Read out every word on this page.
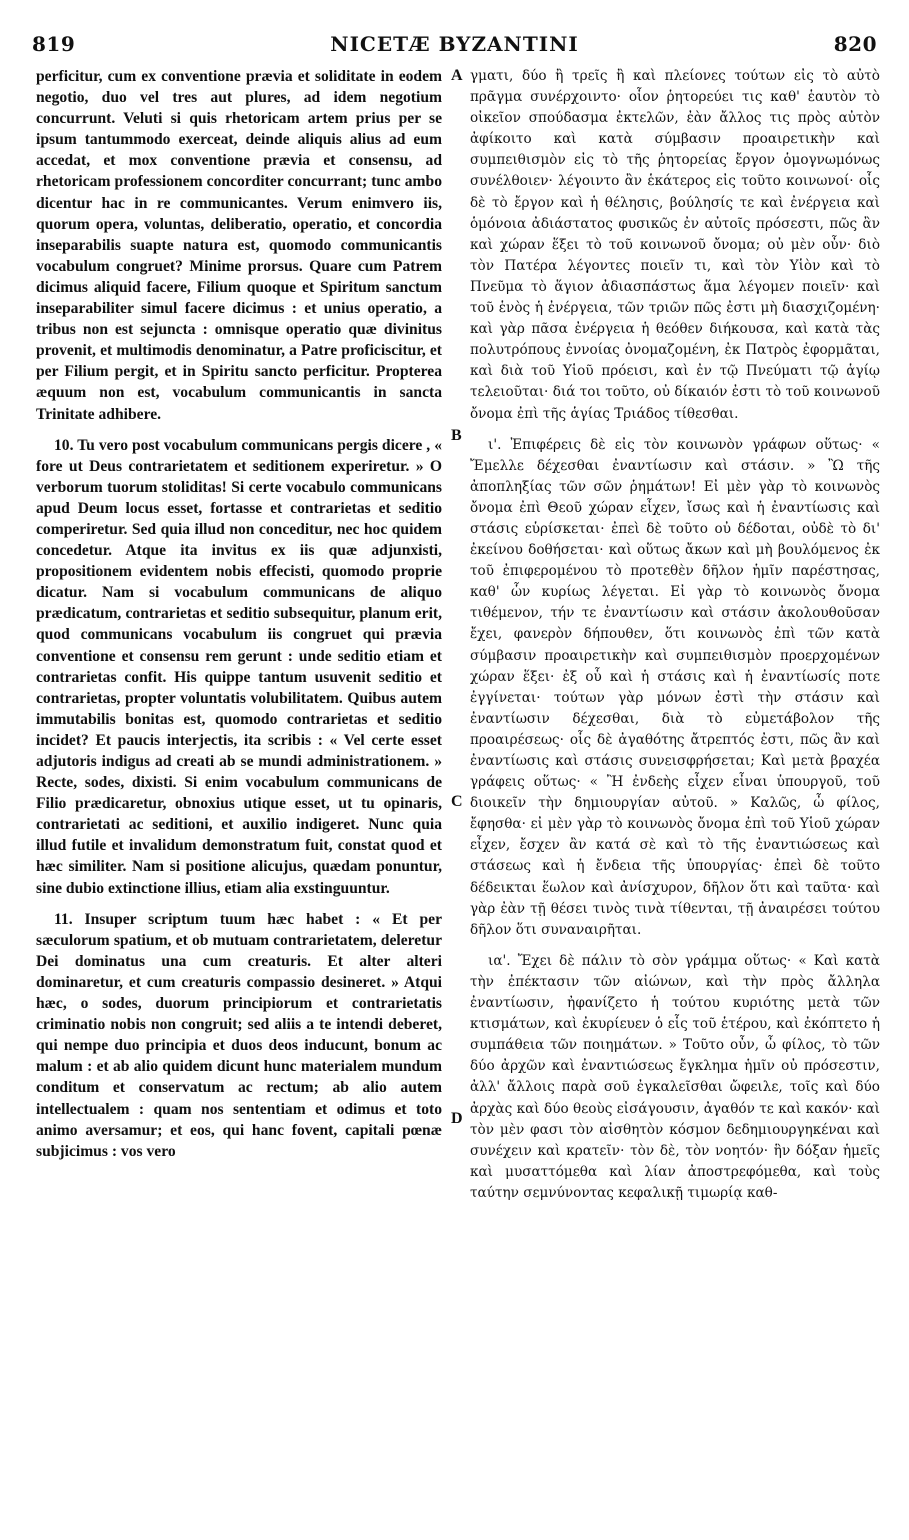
819	NICETÆ BYZANTINI	820

perficitur, cum ex conventione prævia et soliditate in eodem negotio, duo vel tres aut plures, ad idem negotium concurrunt. Veluti si quis rhetoricam artem prius per se ipsum tantummodo exerceat, deinde aliquis alius ad eum accedat, et mox conventione prævia et consensu, ad rhetoricam professionem concorditer concurrant; tunc ambo dicentur hac in re communicantes. Verum enimvero iis, quorum opera, voluntas, deliberatio, operatio, et concordia inseparabilis suapte natura est, quomodo communicantis vocabulum congruet? Minime prorsus. Quare cum Patrem dicimus aliquid facere, Filium quoque et Spiritum sanctum inseparabiliter simul facere dicimus : et unius operatio, a tribus non est sejuncta : omnisque operatio quæ divinitus provenit, et multimodis denominatur, a Patre proficiscitur, et per Filium pergit, et in Spiritu sancto perficitur. Propterea æquum non est, vocabulum communicantis in sancta Trinitate adhibere.

10. Tu vero post vocabulum communicans pergis dicere , « fore ut Deus contrarietatem et seditionem experiretur. » O verborum tuorum stoliditas! Si certe vocabulo communicans apud Deum locus esset, fortasse et contrarietas et seditio comperiretur. Sed quia illud non conceditur, nec hoc quidem concedetur. Atque ita invitus ex iis quæ adjunxisti, propositionem evidentem nobis effecisti, quomodo proprie dicatur. Nam si vocabulum communicans de aliquo prædicatum, contrarietas et seditio subsequitur, planum erit, quod communicans vocabulum iis congruet qui prævia conventione et consensu rem gerunt : unde seditio etiam et contrarietas confit. His quippe tantum usuvenit seditio et contrarietas, propter voluntatis volubilitatem. Quibus autem immutabilis bonitas est, quomodo contrarietas et seditio incidet? Et paucis interjectis, ita scribis : « Vel certe esset adjutoris indigus ad creati ab se mundi administrationem. » Recte, sodes, dixisti. Si enim vocabulum communicans de Filio prædicaretur, obnoxius utique esset, ut tu opinaris, contrarietati ac seditioni, et auxilio indigeret. Nunc quia illud futile et invalidum demonstratum fuit, constat quod et hæc similiter. Nam si positione alicujus, quædam ponuntur, sine dubio extinctione illius, etiam alia exstinguuntur.

11. Insuper scriptum tuum hæc habet : « Et per sæculorum spatium, et ob mutuam contrarietatem, deleretur Dei dominatus una cum creaturis. Et alter alteri dominaretur, et cum creaturis compassio desineret. » Atqui hæc, o sodes, duorum principiorum et contrarietatis criminatio nobis non congruit; sed aliis a te intendi deberet, qui nempe duo principia et duos deos inducunt, bonum ac malum : et ab alio quidem dicunt hunc materialem mundum conditum et conservatum ac rectum; ab alio autem intellectualem : quam nos sententiam et odimus et toto animo aversamur; et eos, qui hanc fovent, capitali pœnæ subjicimus : vos vero

A
B
C
D

γματι, δύο ἢ τρεῖς ἢ καὶ πλείονες τούτων εἰς τὸ αὐτὸ πρᾶγμα συνέρχοιντο· οἷον ῥητορεύει τις καθ' ἑαυτὸν τὸ οἰκεῖον σπούδασμα ἐκτελῶν, ἐὰν ἄλλος τις πρὸς αὐτὸν ἀφίκοιτο καὶ κατὰ σύμβασιν προαιρετικὴν καὶ συμπειθισμὸν εἰς τὸ τῆς ῥητορείας ἔργον ὁμογνωμόνως συνέλθοιεν· λέγοιντο ἂν ἑκάτερος εἰς τοῦτο κοινωνοί· οἷς δὲ τὸ ἔργον καὶ ἡ θέλησις, βούλησίς τε καὶ ἐνέργεια καὶ ὁμόνοια ἀδιάστατος φυσικῶς ἐν αὐτοῖς πρόσεστι, πῶς ἂν καὶ χώραν ἕξει τὸ τοῦ κοινωνοῦ ὄνομα; οὐ μὲν οὖν· διὸ τὸν Πατέρα λέγοντες ποιεῖν τι, καὶ τὸν Υἱὸν καὶ τὸ Πνεῦμα τὸ ἅγιον ἀδιασπάστως ἅμα λέγομεν ποιεῖν· καὶ τοῦ ἑνὸς ἡ ἐνέργεια, τῶν τριῶν πῶς ἐστι μὴ διασχιζομένη· καὶ γὰρ πᾶσα ἐνέργεια ἡ θεόθεν διήκουσα, καὶ κατὰ τὰς πολυτρόπους ἐννοίας ὀνομαζομένη, ἐκ Πατρὸς ἐφορμᾶται, καὶ διὰ τοῦ Υἱοῦ πρόεισι, καὶ ἐν τῷ Πνεύματι τῷ ἁγίῳ τελειοῦται· διά τοι τοῦτο, οὐ δίκαιόν ἐστι τὸ τοῦ κοινωνοῦ ὄνομα ἐπὶ τῆς ἁγίας Τριάδος τίθεσθαι.

ι'. Ἐπιφέρεις δὲ εἰς τὸν κοινωνὸν γράφων οὕτως· « Ἔμελλε δέχεσθαι ἐναντίωσιν καὶ στάσιν. » Ὢ τῆς ἀποπληξίας τῶν σῶν ῥημάτων! Εἰ μὲν γὰρ τὸ κοινωνὸς ὄνομα ἐπὶ Θεοῦ χώραν εἶχεν, ἴσως καὶ ἡ ἐναντίωσις καὶ στάσις εὑρίσκεται· ἐπεὶ δὲ τοῦτο οὐ δέδοται, οὐδὲ τὸ δι' ἐκείνου δοθήσεται· καὶ οὕτως ἄκων καὶ μὴ βουλόμενος ἐκ τοῦ ἐπιφερομένου τὸ προτεθὲν δῆλον ἡμῖν παρέστησας, καθ' ὧν κυρίως λέγεται. Εἰ γὰρ τὸ κοινωνὸς ὄνομα τιθέμενον, τήν τε ἐναντίωσιν καὶ στάσιν ἀκολουθοῦσαν ἔχει, φανερὸν δήπουθεν, ὅτι κοινωνὸς ἐπὶ τῶν κατὰ σύμβασιν προαιρετικὴν καὶ συμπειθισμὸν προερχομένων χώραν ἕξει· ἐξ οὗ καὶ ἡ στάσις καὶ ἡ ἐναντίωσίς ποτε ἐγγίνεται· τούτων γὰρ μόνων ἐστὶ τὴν στάσιν καὶ ἐναντίωσιν δέχεσθαι, διὰ τὸ εὐμετάβολον τῆς προαιρέσεως· οἷς δὲ ἀγαθότης ἄτρεπτός ἐστι, πῶς ἂν καὶ ἐναντίωσις καὶ στάσις συνεισφρήσεται; Καὶ μετὰ βραχέα γράφεις οὕτως· « Ἢ ἐνδεὴς εἶχεν εἶναι ὑπουργοῦ, τοῦ διοικεῖν τὴν δημιουργίαν αὐτοῦ. » Καλῶς, ὦ φίλος, ἔφησθα· εἰ μὲν γὰρ τὸ κοινωνὸς ὄνομα ἐπὶ τοῦ Υἱοῦ χώραν εἶχεν, ἔσχεν ἂν κατά σὲ καὶ τὸ τῆς ἐναντιώσεως καὶ στάσεως καὶ ἡ ἔνδεια τῆς ὑπουργίας· ἐπεὶ δὲ τοῦτο δέδεικται ἕωλον καὶ ἀνίσχυρον, δῆλον ὅτι καὶ ταῦτα· καὶ γὰρ ἐὰν τῇ θέσει τινὸς τινὰ τίθενται, τῇ ἀναιρέσει τούτου δῆλον ὅτι συναναιρῆται.

ια'. Ἔχει δὲ πάλιν τὸ σὸν γράμμα οὕτως· « Καὶ κατὰ τὴν ἐπέκτασιν τῶν αἰώνων, καὶ τὴν πρὸς ἄλληλα ἐναντίωσιν, ἠφανίζετο ἡ τούτου κυριότης μετὰ τῶν κτισμάτων, καὶ ἐκυρίευεν ὁ εἷς τοῦ ἑτέρου, καὶ ἐκόπτετο ἡ συμπάθεια τῶν ποιημάτων. » Τοῦτο οὖν, ὦ φίλος, τὸ τῶν δύο ἀρχῶν καὶ ἐναντιώσεως ἔγκλημα ἡμῖν οὐ πρόσεστιν, ἀλλ' ἄλλοις παρὰ σοῦ ἐγκαλεῖσθαι ὤφειλε, τοῖς καὶ δύο ἀρχὰς καὶ δύο θεοὺς εἰσάγουσιν, ἀγαθόν τε καὶ κακόν· καὶ τὸν μὲν φασι τὸν αἰσθητὸν κόσμον δεδημιουργηκέναι καὶ συνέχειν καὶ κρατεῖν· τὸν δὲ, τὸν νοητόν· ἣν δόξαν ἡμεῖς καὶ μυσαττόμεθα καὶ λίαν ἀποστρεφόμεθα, καὶ τοὺς ταύτην σεμνύνοντας κεφαλικῇ τιμωρίᾳ καθ-
